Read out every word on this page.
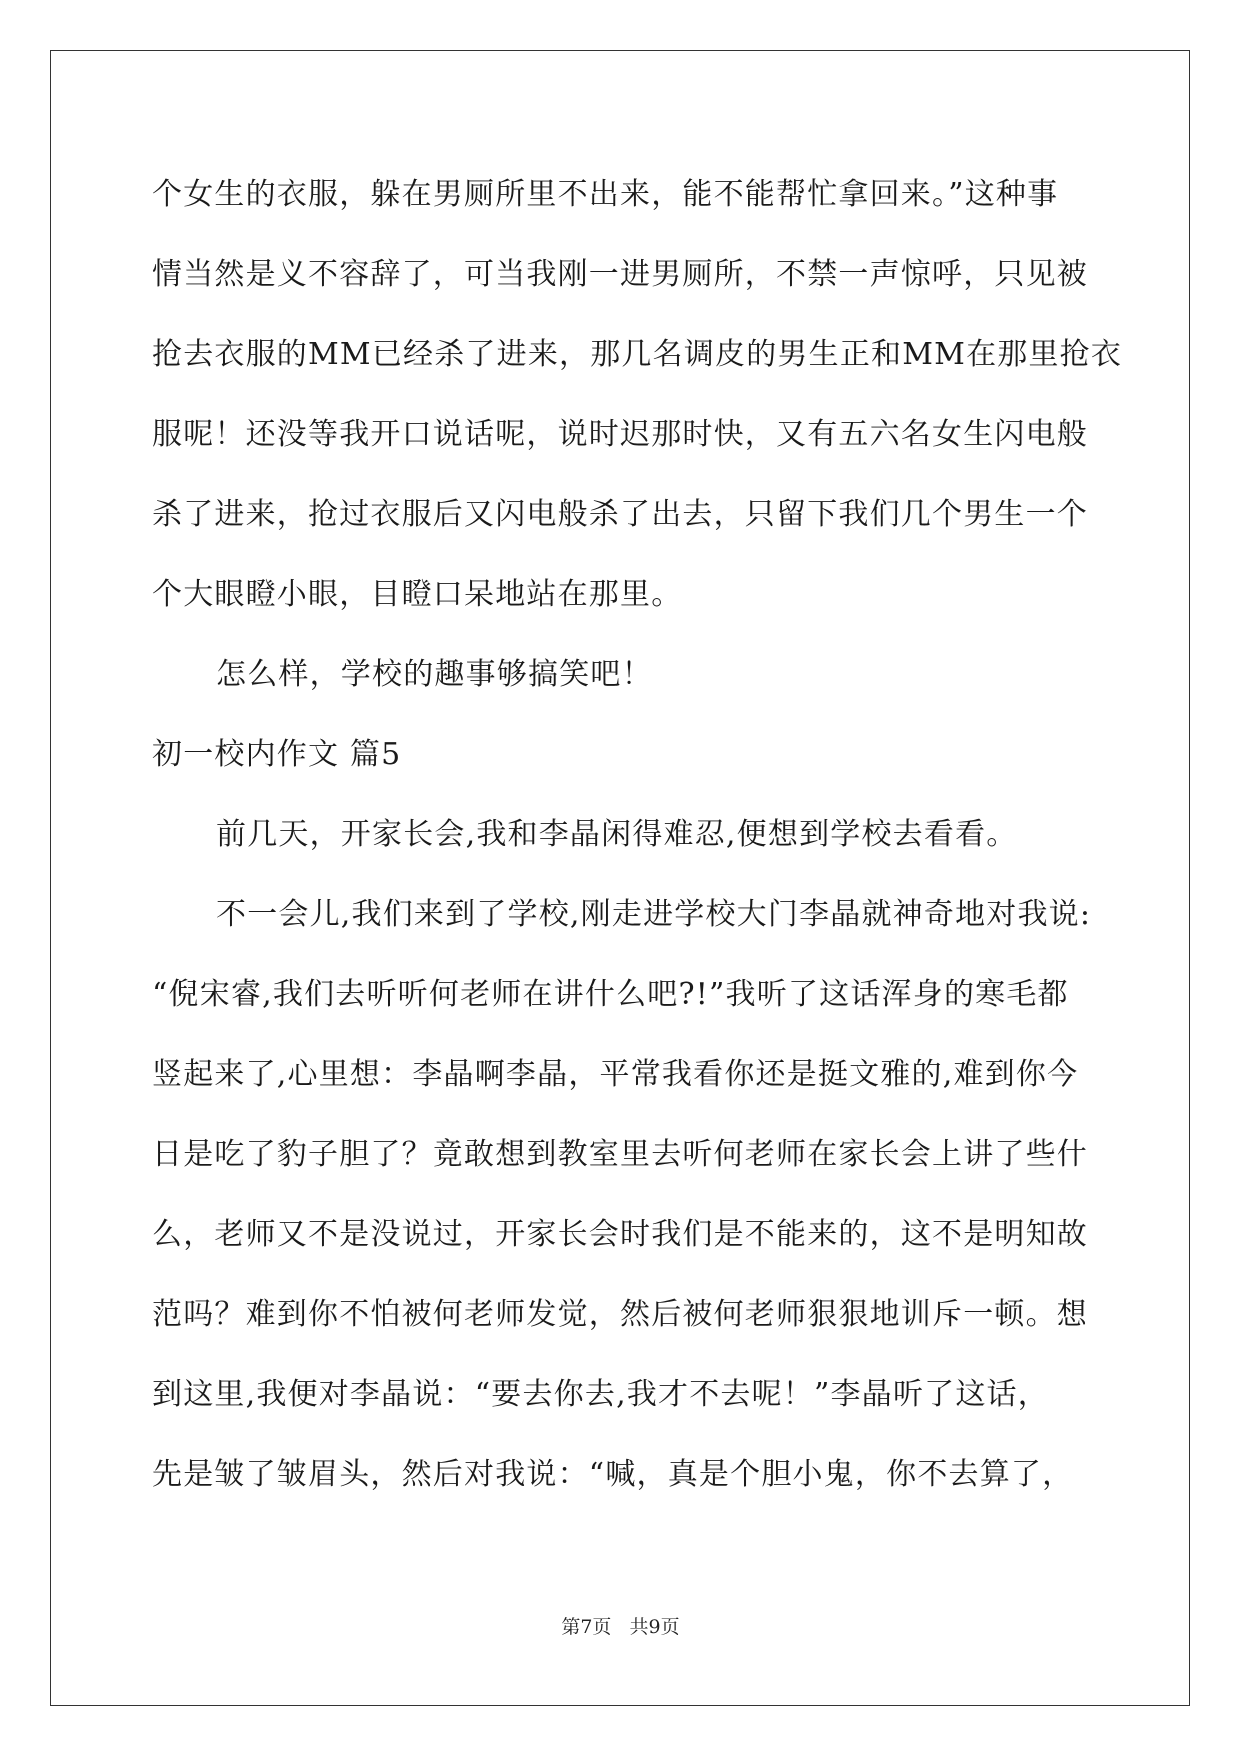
个女生的衣服，躲在男厕所里不出来，能不能帮忙拿回来。”这种事
情当然是义不容辞了，可当我刚一进男厕所，不禁一声惊呼，只见被
抢去衣服的MM已经杀了进来，那几名调皮的男生正和MM在那里抢衣
服呢！还没等我开口说话呢，说时迟那时快，又有五六名女生闪电般
杀了进来，抢过衣服后又闪电般杀了出去，只留下我们几个男生一个
个大眼瞪小眼，目瞪口呆地站在那里。
怎么样，学校的趣事够搞笑吧！
初一校内作文 篇5
前几天，开家长会,我和李晶闲得难忍,便想到学校去看看。
不一会儿,我们来到了学校,刚走进学校大门李晶就神奇地对我说:
“倪宋睿,我们去听听何老师在讲什么吧?!”我听了这话浑身的寒毛都
竖起来了,心里想：李晶啊李晶，平常我看你还是挺文雅的,难到你今
日是吃了豹子胆了？竟敢想到教室里去听何老师在家长会上讲了些什
么，老师又不是没说过，开家长会时我们是不能来的，这不是明知故
范吗？难到你不怕被何老师发觉，然后被何老师狠狠地训斥一顿。想
到这里,我便对李晶说：“要去你去,我才不去呢！”李晶听了这话，
先是皱了皱眉头，然后对我说：“喊，真是个胆小鬼，你不去算了，
第7页   共9页
